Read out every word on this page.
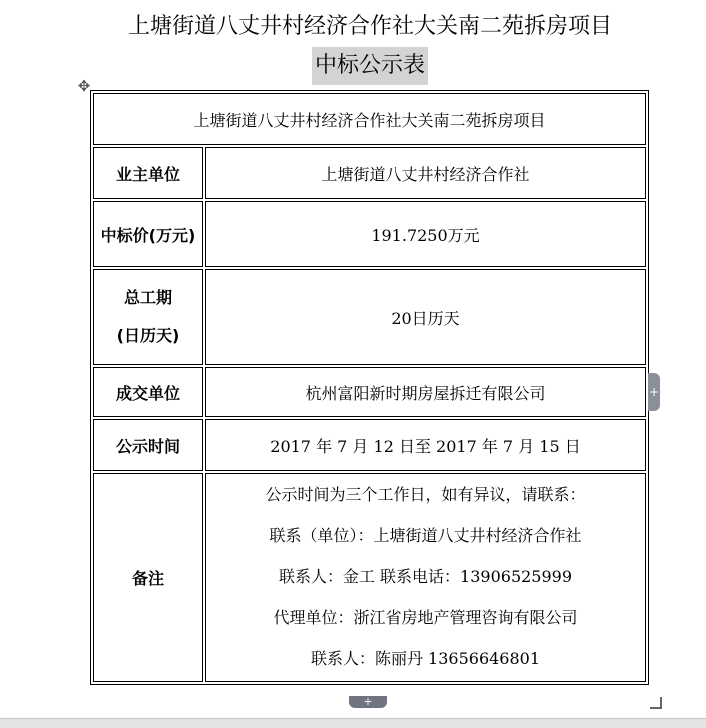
上塘街道八丈井村经济合作社大关南二苑拆房项目
中标公示表
✥
上塘街道八丈井村经济合作社大关南二苑拆房项目	
业主单位	上塘街道八丈井村经济合作社
中标价(万元)	191.7250万元

总工期
(日历天)	20日历天
成交单位	杭州富阳新时期房屋拆迁有限公司
公示时间	2017 年 7 月 12 日至 2017 年 7 月 15 日
备注	公示时间为三个工作日，如有异议，请联系：
联系（单位）：上塘街道八丈井村经济合作社
联系人：金工 联系电话：13906525999
代理单位：浙江省房地产管理咨询有限公司
联系人：陈丽丹 13656646801
+
+
